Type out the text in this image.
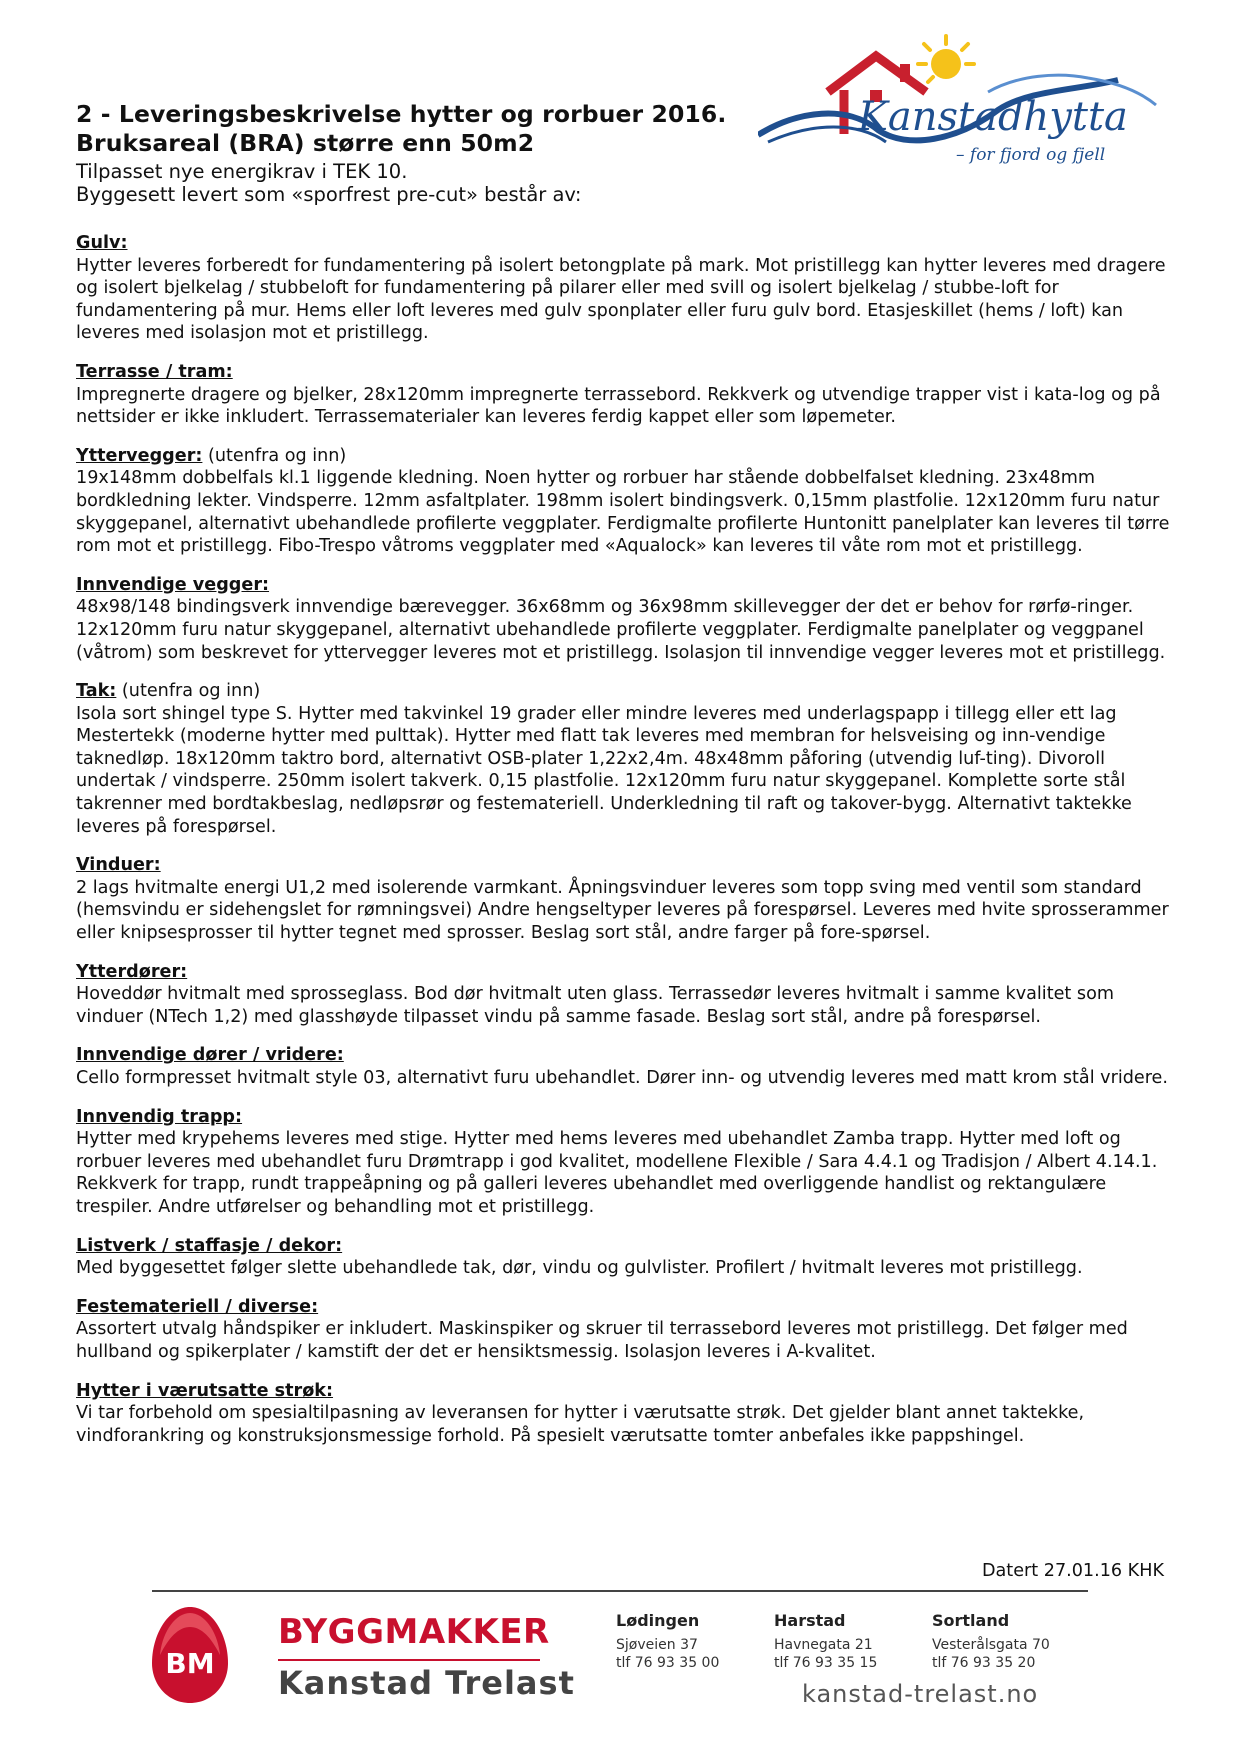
2 - Leveringsbeskrivelse hytter og rorbuer 2016.
Bruksareal (BRA) større enn 50m2
Tilpasset nye energikrav i TEK 10.
Byggesett levert som «sporfrest pre-cut» består av:
Kanstadhytta
– for fjord og fjell
Gulv:

Hytter leveres forberedt for fundamentering på isolert betongplate på mark. Mot pristillegg kan hytter leveres med dragere og isolert bjelkelag / stubbeloft for fundamentering på pilarer eller med svill og isolert bjelkelag / stubbe-loft for fundamentering på mur. Hems eller loft leveres med gulv sponplater eller furu gulv bord. Etasjeskillet (hems / loft) kan leveres med isolasjon mot et pristillegg.

Terrasse / tram:

Impregnerte dragere og bjelker, 28x120mm impregnerte terrassebord. Rekkverk og utvendige trapper vist i kata-log og på nettsider er ikke inkludert. Terrassematerialer kan leveres ferdig kappet eller som løpemeter.

Yttervegger: (utenfra og inn)

19x148mm dobbelfals kl.1 liggende kledning. Noen hytter og rorbuer har stående dobbelfalset kledning. 23x48mm bordkledning lekter. Vindsperre. 12mm asfaltplater. 198mm isolert bindingsverk. 0,15mm plastfolie. 12x120mm furu natur skyggepanel, alternativt ubehandlede profilerte veggplater. Ferdigmalte profilerte Huntonitt panelplater kan leveres til tørre rom mot et pristillegg. Fibo-Trespo våtroms veggplater med «Aqualock» kan leveres til våte rom mot et pristillegg.

Innvendige vegger:

48x98/148 bindingsverk innvendige bærevegger. 36x68mm og 36x98mm skillevegger der det er behov for rørfø-ringer. 12x120mm furu natur skyggepanel, alternativt ubehandlede profilerte veggplater. Ferdigmalte panelplater og veggpanel (våtrom) som beskrevet for yttervegger leveres mot et pristillegg. Isolasjon til innvendige vegger leveres mot et pristillegg.

Tak: (utenfra og inn)

Isola sort shingel type S. Hytter med takvinkel 19 grader eller mindre leveres med underlagspapp i tillegg eller ett lag Mestertekk (moderne hytter med pulttak). Hytter med flatt tak leveres med membran for helsveising og inn-vendige taknedløp. 18x120mm taktro bord, alternativt OSB-plater 1,22x2,4m. 48x48mm påforing (utvendig luf-ting). Divoroll undertak / vindsperre. 250mm isolert takverk. 0,15 plastfolie. 12x120mm furu natur skyggepanel. Komplette sorte stål takrenner med bordtakbeslag, nedløpsrør og festemateriell. Underkledning til raft og takover-bygg. Alternativt taktekke leveres på forespørsel.

Vinduer:

2 lags hvitmalte energi U1,2 med isolerende varmkant. Åpningsvinduer leveres som topp sving med ventil som standard (hemsvindu er sidehengslet for rømningsvei) Andre hengseltyper leveres på forespørsel. Leveres med hvite sprosserammer eller knipsesprosser til hytter tegnet med sprosser. Beslag sort stål, andre farger på fore-spørsel.

Ytterdører:

Hoveddør hvitmalt med sprosseglass. Bod dør hvitmalt uten glass. Terrassedør leveres hvitmalt i samme kvalitet som vinduer (NTech 1,2) med glasshøyde tilpasset vindu på samme fasade. Beslag sort stål, andre på forespørsel.

Innvendige dører / vridere:

Cello formpresset hvitmalt style 03, alternativt furu ubehandlet. Dører inn- og utvendig leveres med matt krom stål vridere.

Innvendig trapp:

Hytter med krypehems leveres med stige. Hytter med hems leveres med ubehandlet Zamba trapp. Hytter med loft og rorbuer leveres med ubehandlet furu Drømtrapp i god kvalitet, modellene Flexible / Sara 4.4.1 og Tradisjon / Albert 4.14.1. Rekkverk for trapp, rundt trappeåpning og på galleri leveres ubehandlet med overliggende handlist og rektangulære trespiler. Andre utførelser og behandling mot et pristillegg.

Listverk / staffasje / dekor:

Med byggesettet følger slette ubehandlede tak, dør, vindu og gulvlister. Profilert / hvitmalt leveres mot pristillegg.

Festemateriell / diverse:

Assortert utvalg håndspiker er inkludert. Maskinspiker og skruer til terrassebord leveres mot pristillegg. Det følger med hullband og spikerplater / kamstift der det er hensiktsmessig. Isolasjon leveres i A-kvalitet.

Hytter i værutsatte strøk:

Vi tar forbehold om spesialtilpasning av leveransen for hytter i værutsatte strøk. Det gjelder blant annet taktekke, vindforankring og konstruksjonsmessige forhold. På spesielt værutsatte tomter anbefales ikke pappshingel.

Datert 27.01.16 KHK
BM
BYGGMAKKER
Kanstad Trelast
Lødingen
Sjøveien 37
tlf 76 93 35 00
Harstad
Havnegata 21
tlf 76 93 35 15
Sortland
Vesterålsgata 70
tlf 76 93 35 20
kanstad-trelast.no
